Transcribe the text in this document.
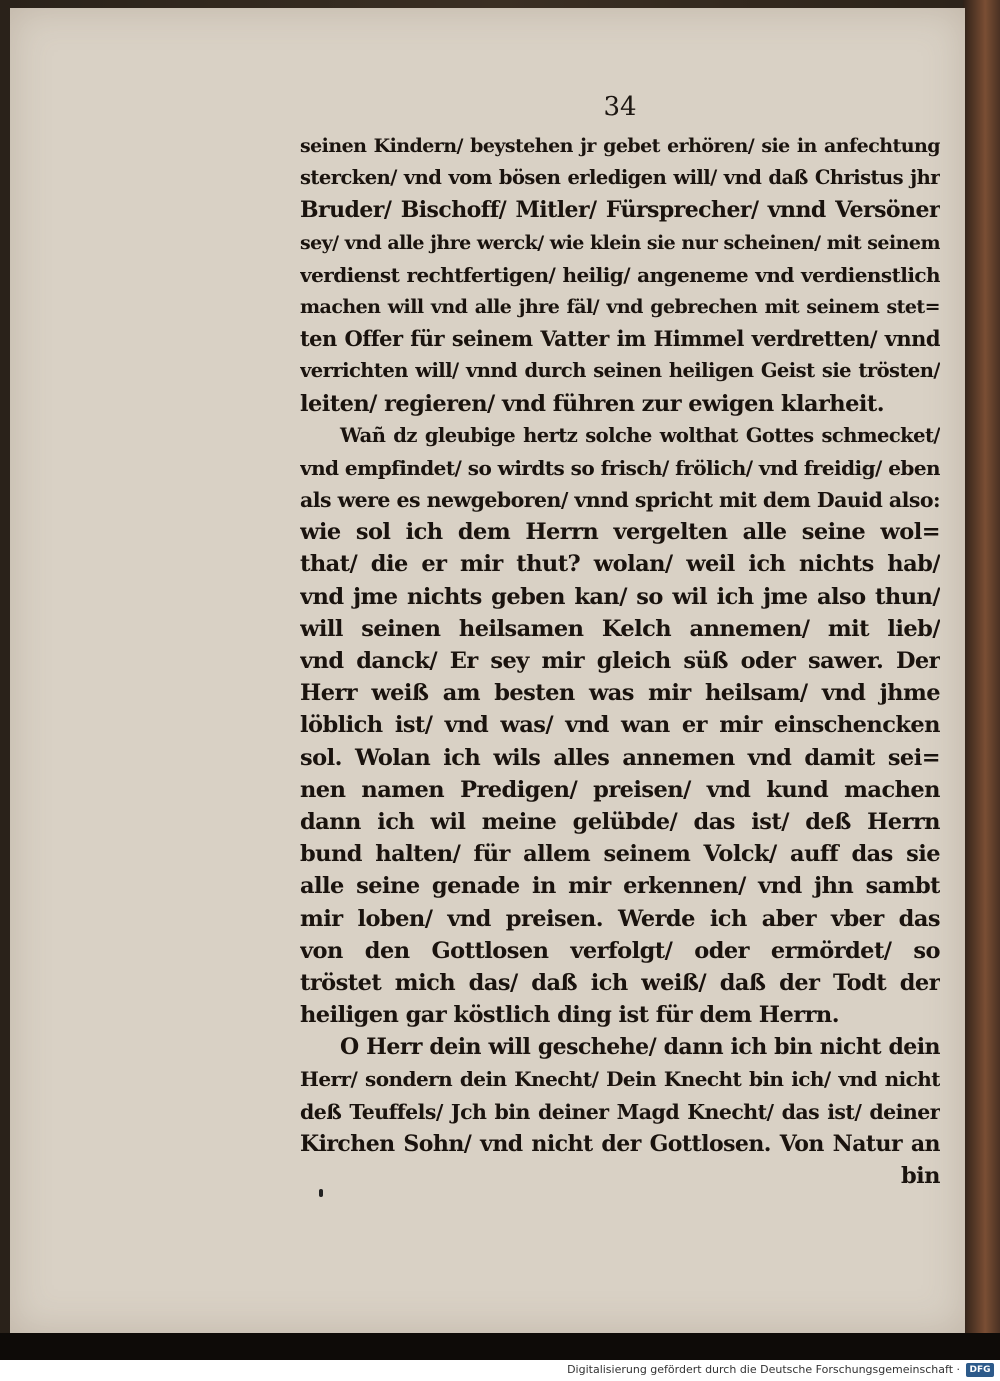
34
seinen Kindern/ beystehen jr gebet erhören/ sie in anfechtung
stercken/ vnd vom bösen erledigen will/ vnd daß Christus jhr
Bruder/ Bischoff/ Mitler/ Fürsprecher/ vnnd Versöner
sey/ vnd alle jhre werck/ wie klein sie nur scheinen/ mit seinem
verdienst rechtfertigen/ heilig/ angeneme vnd verdienstlich
machen will vnd alle jhre fäl/ vnd gebrechen mit seinem stet=
ten Offer für seinem Vatter im Himmel verdretten/ vnnd
verrichten will/ vnnd durch seinen heiligen Geist sie trösten/
leiten/ regieren/ vnd führen zur ewigen klarheit.
Wañ dz gleubige hertz solche wolthat Gottes schmecket/
vnd empfindet/ so wirdts so frisch/ frölich/ vnd freidig/ eben
als were es newgeboren/ vnnd spricht mit dem Dauid also:
wie sol ich dem Herrn vergelten alle seine wol=
that/ die er mir thut? wolan/ weil ich nichts hab/
vnd jme nichts geben kan/ so wil ich jme also thun/
will seinen heilsamen Kelch annemen/ mit lieb/
vnd danck/ Er sey mir gleich süß oder sawer. Der
Herr weiß am besten was mir heilsam/ vnd jhme
löblich ist/ vnd was/ vnd wan er mir einschencken
sol. Wolan ich wils alles annemen vnd damit sei=
nen namen Predigen/ preisen/ vnd kund machen
dann ich wil meine gelübde/ das ist/ deß Herrn
bund halten/ für allem seinem Volck/ auff das sie
alle seine genade in mir erkennen/ vnd jhn sambt
mir loben/ vnd preisen. Werde ich aber vber das
von den Gottlosen verfolgt/ oder ermördet/ so
tröstet mich das/ daß ich weiß/ daß der Todt der
heiligen gar köstlich ding ist für dem Herrn.
O Herr dein will geschehe/ dann ich bin nicht dein
Herr/ sondern dein Knecht/ Dein Knecht bin ich/ vnd nicht
deß Teuffels/ Jch bin deiner Magd Knecht/ das ist/ deiner
Kirchen Sohn/ vnd nicht der Gottlosen. Von Natur an
bin
Digitalisierung gefördert durch die Deutsche Forschungsgemeinschaft ·	DFG
